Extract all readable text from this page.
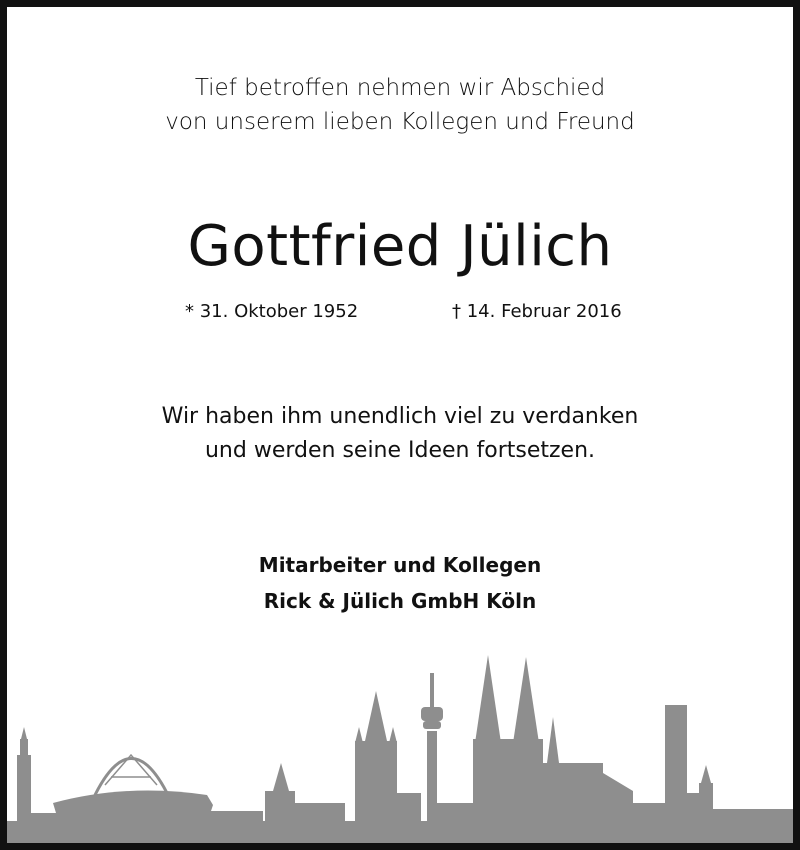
Tief betroffen nehmen wir Abschied
von unserem lieben Kollegen und Freund
Gottfried Jülich
* 31. Oktober 1952	† 14. Februar 2016
Wir haben ihm unendlich viel zu verdanken
und werden seine Ideen fortsetzen.
Mitarbeiter und Kollegen
Rick & Jülich GmbH Köln
